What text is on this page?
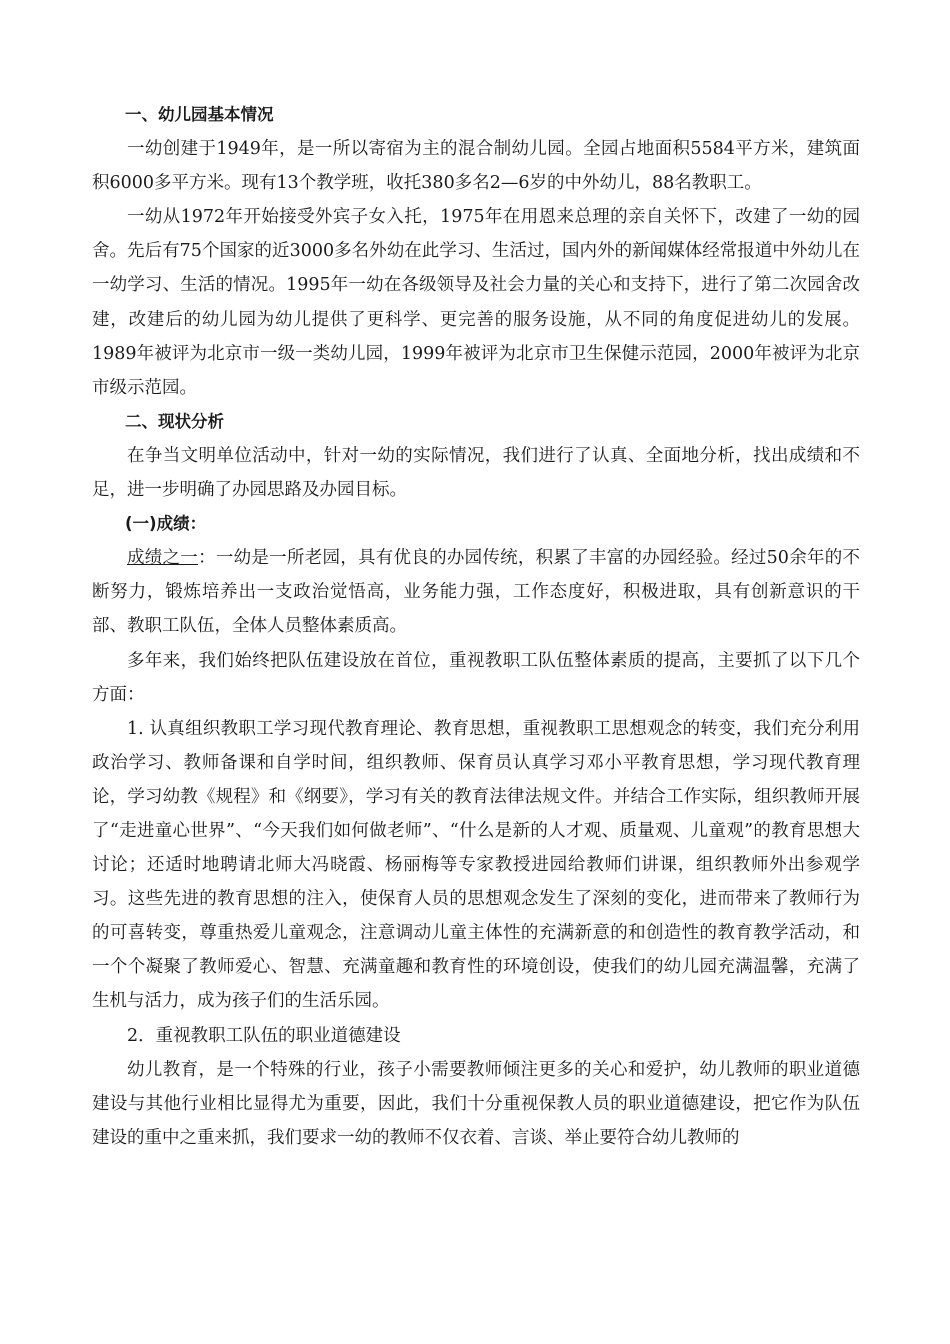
一、幼儿园基本情况

一幼创建于1949年，是一所以寄宿为主的混合制幼儿园。全园占地面积5584平方米，建筑面积6000多平方米。现有13个教学班，收托380多名2—6岁的中外幼儿，88名教职工。

一幼从1972年开始接受外宾子女入托，1975年在用恩来总理的亲自关怀下，改建了一幼的园舍。先后有75个国家的近3000多名外幼在此学习、生活过，国内外的新闻媒体经常报道中外幼儿在一幼学习、生活的情况。1995年一幼在各级领导及社会力量的关心和支持下，进行了第二次园舍改建，改建后的幼儿园为幼儿提供了更科学、更完善的服务设施，从不同的角度促进幼儿的发展。1989年被评为北京市一级一类幼儿园，1999年被评为北京市卫生保健示范园，2000年被评为北京市级示范园。

二、现状分析

在争当文明单位活动中，针对一幼的实际情况，我们进行了认真、全面地分析，找出成绩和不足，进一步明确了办园思路及办园目标。

(一)成绩：

成绩之一：一幼是一所老园，具有优良的办园传统，积累了丰富的办园经验。经过50余年的不断努力，锻炼培养出一支政治觉悟高，业务能力强，工作态度好，积极进取，具有创新意识的干部、教职工队伍，全体人员整体素质高。

多年来，我们始终把队伍建设放在首位，重视教职工队伍整体素质的提高，主要抓了以下几个方面：

1. 认真组织教职工学习现代教育理论、教育思想，重视教职工思想观念的转变，我们充分利用政治学习、教师备课和自学时间，组织教师、保育员认真学习邓小平教育思想，学习现代教育理论，学习幼教《规程》和《纲要》，学习有关的教育法律法规文件。并结合工作实际，组织教师开展了“走进童心世界”、“今天我们如何做老师”、“什么是新的人才观、质量观、儿童观”的教育思想大讨论；还适时地聘请北师大冯晓霞、杨丽梅等专家教授进园给教师们讲课，组织教师外出参观学习。这些先进的教育思想的注入，使保育人员的思想观念发生了深刻的变化，进而带来了教师行为的可喜转变，尊重热爱儿童观念，注意调动儿童主体性的充满新意的和创造性的教育教学活动，和一个个凝聚了教师爱心、智慧、充满童趣和教育性的环境创设，使我们的幼儿园充满温馨，充满了生机与活力，成为孩子们的生活乐园。

2．重视教职工队伍的职业道德建设

幼儿教育，是一个特殊的行业，孩子小需要教师倾注更多的关心和爱护，幼儿教师的职业道德建设与其他行业相比显得尤为重要，因此，我们十分重视保教人员的职业道德建设，把它作为队伍建设的重中之重来抓，我们要求一幼的教师不仅衣着、言谈、举止要符合幼儿教师的
